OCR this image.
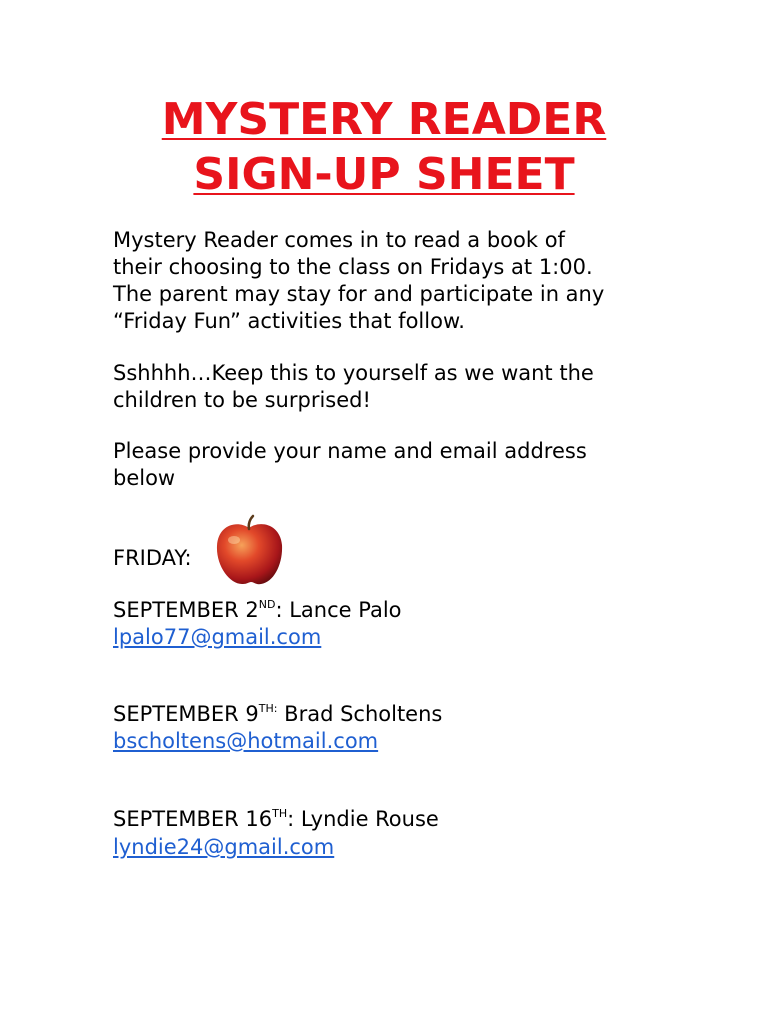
MYSTERY READER
SIGN-UP SHEET

Mystery Reader comes in to read a book of
their choosing to the class on Fridays at 1:00.
The parent may stay for and participate in any
“Friday Fun” activities that follow.

Sshhhh…Keep this to yourself as we want the
children to be surprised!

Please provide your name and email address
below

FRIDAY:
SEPTEMBER 2ND: Lance Palo
lpalo77@gmail.com
SEPTEMBER $9^{TH:}$ Brad Scholtens
bscholtens@hotmail.com
SEPTEMBER 16TH: Lyndie Rouse
lyndie24@gmail.com
